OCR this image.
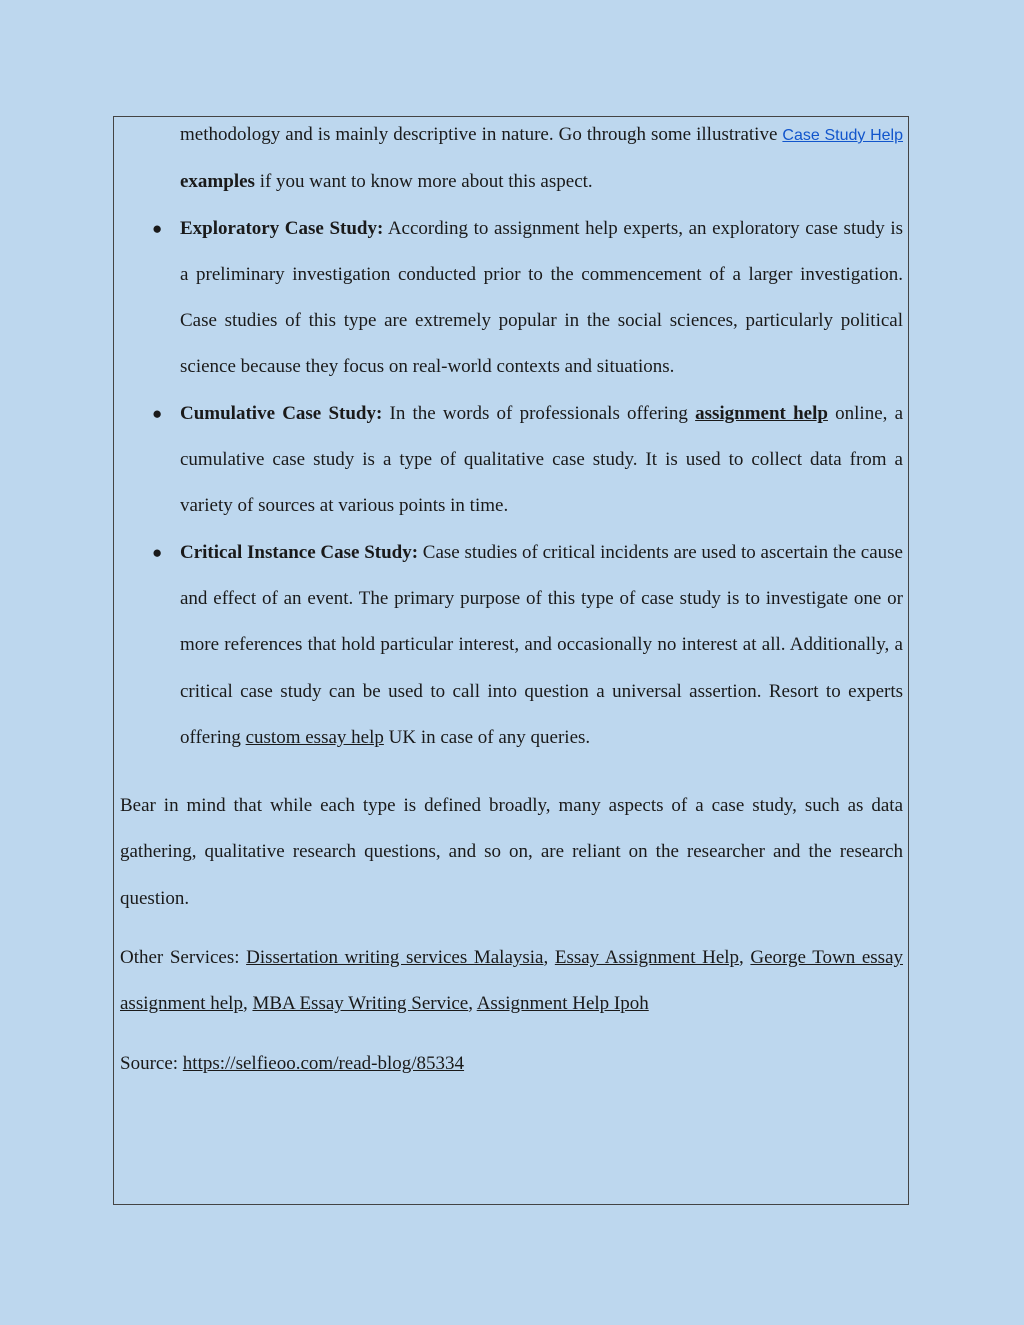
methodology and is mainly descriptive in nature. Go through some illustrative Case Study Help examples if you want to know more about this aspect.

● Exploratory Case Study: According to assignment help experts, an exploratory case study is a preliminary investigation conducted prior to the commencement of a larger investigation. Case studies of this type are extremely popular in the social sciences, particularly political science because they focus on real-world contexts and situations.
● Cumulative Case Study: In the words of professionals offering assignment help online, a cumulative case study is a type of qualitative case study. It is used to collect data from a variety of sources at various points in time.
● Critical Instance Case Study: Case studies of critical incidents are used to ascertain the cause and effect of an event. The primary purpose of this type of case study is to investigate one or more references that hold particular interest, and occasionally no interest at all. Additionally, a critical case study can be used to call into question a universal assertion. Resort to experts offering custom essay help UK in case of any queries.

Bear in mind that while each type is defined broadly, many aspects of a case study, such as data gathering, qualitative research questions, and so on, are reliant on the researcher and the research question.

Other Services: Dissertation writing services Malaysia, Essay Assignment Help, George Town essay assignment help, MBA Essay Writing Service, Assignment Help Ipoh

Source: https://selfieoo.com/read-blog/85334
